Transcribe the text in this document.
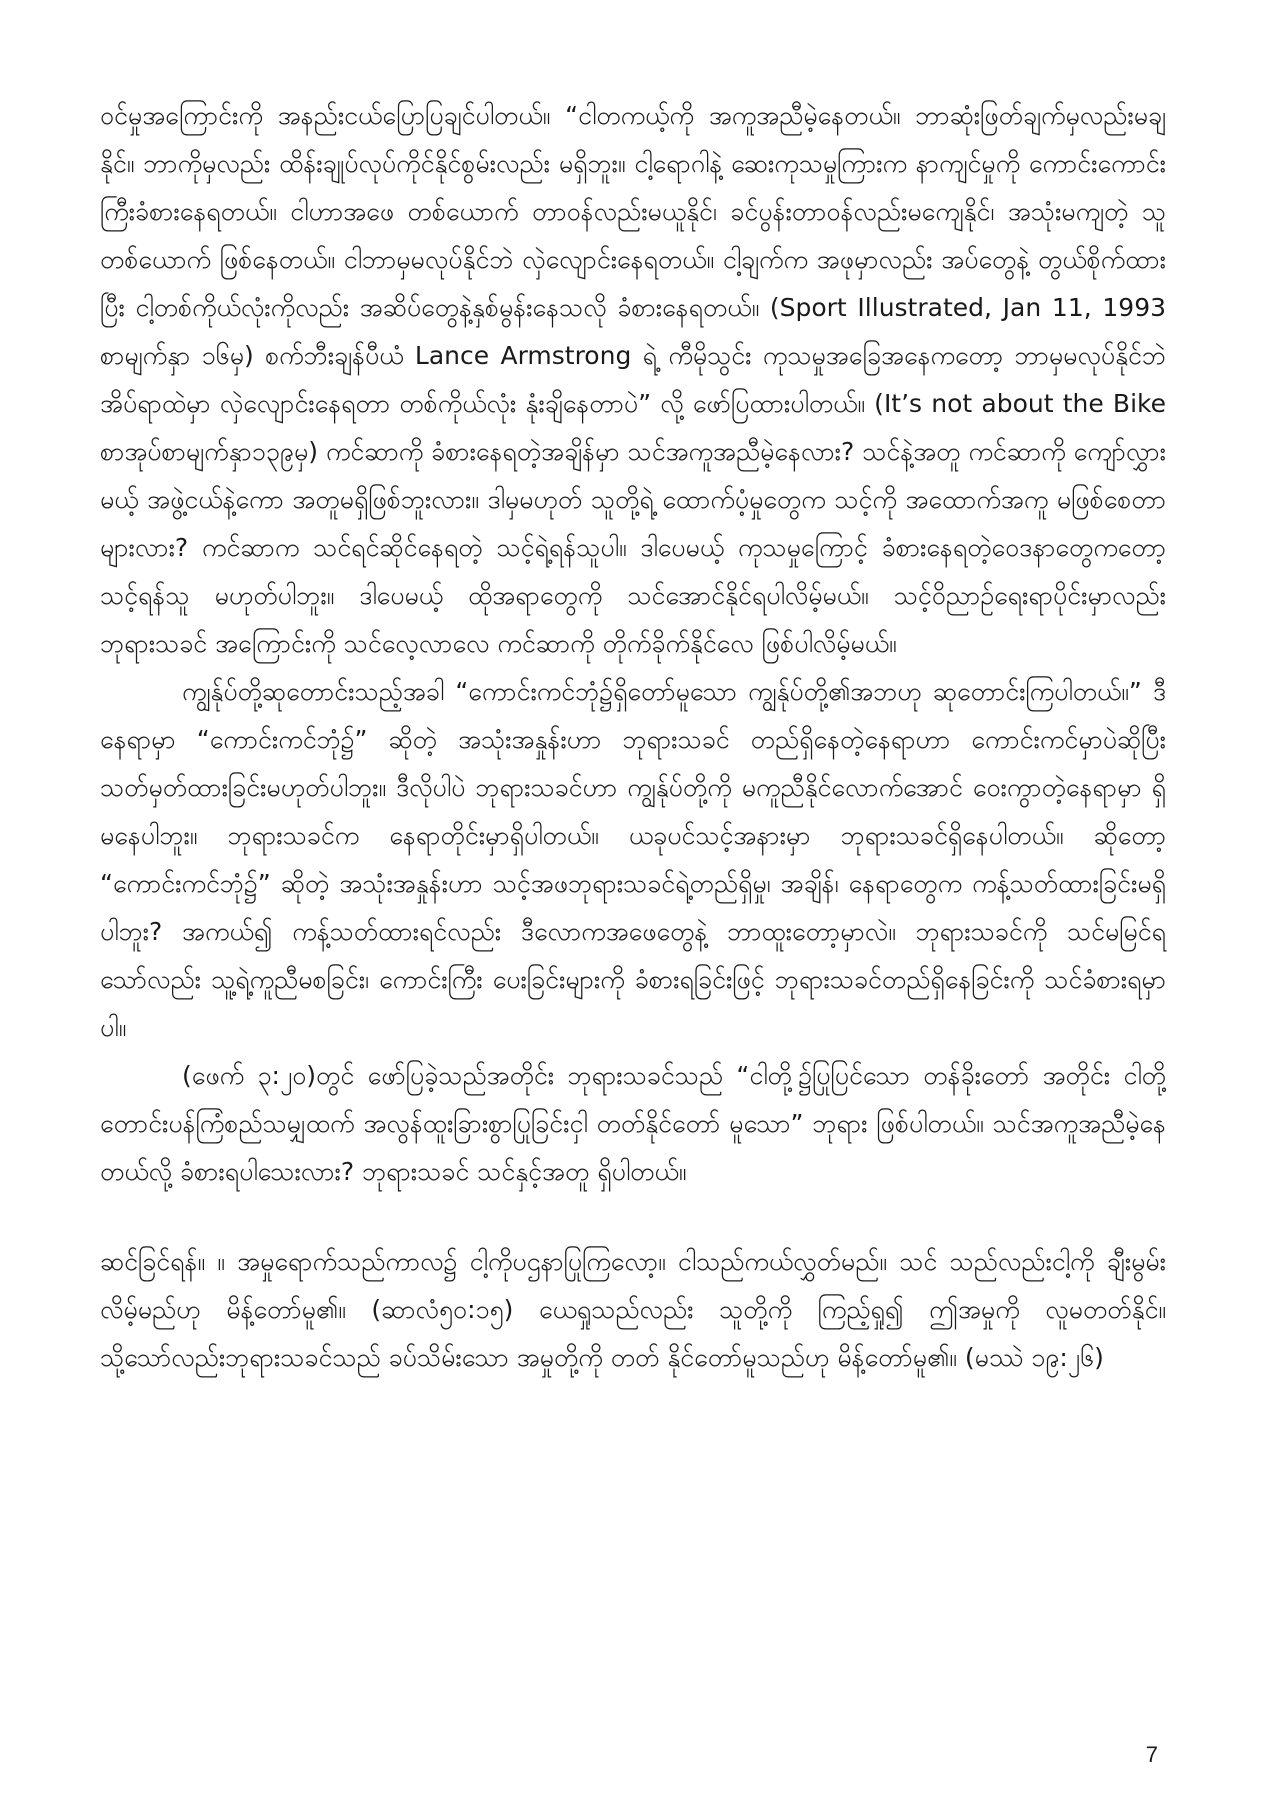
ဝင်မှုအကြောင်းကို အနည်းငယ်ပြောပြချင်ပါတယ်။ “ငါတကယ့်ကို အကူအညီမဲ့နေတယ်။ ဘာဆုံးဖြတ်ချက်မှလည်းမချနိုင်။ ဘာကိုမှလည်း ထိန်းချုပ်လုပ်ကိုင်နိုင်စွမ်းလည်း မရှိဘူး။ ငါ့ရောဂါနဲ့ ဆေးကုသမှုကြားက နာကျင်မှုကို ကောင်းကောင်းကြီးခံစားနေရတယ်။ ငါဟာအဖေ တစ်ယောက် တာဝန်လည်းမယူနိုင်၊ ခင်ပွန်းတာဝန်လည်းမကျေနိုင်၊ အသုံးမကျတဲ့ သူတစ်ယောက် ဖြစ်နေတယ်။ ငါဘာမှမလုပ်နိုင်ဘဲ လှဲလျောင်းနေရတယ်။ ငါ့ချက်က အဖုမှာလည်း အပ်တွေနဲ့ တွယ်စိုက်ထားပြီး ငါ့တစ်ကိုယ်လုံးကိုလည်း အဆိပ်တွေနဲ့နှစ်မွန်းနေသလို ခံစားနေရတယ်။ (Sport Illustrated, Jan 11, 1993 စာမျက်နှာ ၁၆မှ) စက်ဘီးချန်ပီယံ Lance Armstrong ရဲ့ ကီမိုသွင်း ကုသမှုအခြေအနေကတော့ ဘာမှမလုပ်နိုင်ဘဲ အိပ်ရာထဲမှာ လှဲလျောင်းနေရတာ တစ်ကိုယ်လုံး နုံးချိနေတာပဲ” လို့ ဖော်ပြထားပါတယ်။ (It’s not about the Bike စာအုပ်စာမျက်နှာ၁၃၉မှ) ကင်ဆာကို ခံစားနေရတဲ့အချိန်မှာ သင်အကူအညီမဲ့နေလား? သင်နဲ့အတူ ကင်ဆာကို ကျော်လွှားမယ့် အဖွဲ့ငယ်နဲ့ကော အတူမရှိဖြစ်ဘူးလား။ ဒါမှမဟုတ် သူတို့ရဲ့ ထောက်ပံ့မှုတွေက သင့်ကို အထောက်အကူ မဖြစ်စေတာများလား? ကင်ဆာက သင်ရင်ဆိုင်နေရတဲ့ သင့်ရဲ့ရန်သူပါ။ ဒါပေမယ့် ကုသမှုကြောင့် ခံစားနေရတဲ့ဝေဒနာတွေကတော့ သင့်ရန်သူ မဟုတ်ပါဘူး။ ဒါပေမယ့် ထိုအရာတွေကို သင်အောင်နိုင်ရပါလိမ့်မယ်။ သင့်ဝိညာဉ်ရေးရာပိုင်းမှာလည်း ဘုရားသခင် အကြောင်းကို သင်လေ့လာလေ ကင်ဆာကို တိုက်ခိုက်နိုင်လေ ဖြစ်ပါလိမ့်မယ်။

ကျွန်ုပ်တို့ဆုတောင်းသည့်အခါ “ကောင်းကင်ဘုံ၌ရှိတော်မူသော ကျွန်ုပ်တို့၏အဘဟု ဆုတောင်းကြပါတယ်။” ဒီနေရာမှာ “ကောင်းကင်ဘုံ၌” ဆိုတဲ့ အသုံးအနှုန်းဟာ ဘုရားသခင် တည်ရှိနေတဲ့နေရာဟာ ကောင်းကင်မှာပဲဆိုပြီး သတ်မှတ်ထားခြင်းမဟုတ်ပါဘူး။ ဒီလိုပါပဲ ဘုရားသခင်ဟာ ကျွန်ုပ်တို့ကို မကူညီနိုင်လောက်အောင် ဝေးကွာတဲ့နေရာမှာ ရှိမနေပါဘူး။ ဘုရားသခင်က နေရာတိုင်းမှာရှိပါတယ်။ ယခုပင်သင့်အနားမှာ ဘုရားသခင်ရှိနေပါတယ်။ ဆိုတော့ “ကောင်းကင်ဘုံ၌” ဆိုတဲ့ အသုံးအနှုန်းဟာ သင့်အဖဘုရားသခင်ရဲ့တည်ရှိမှု၊ အချိန်၊ နေရာတွေက ကန့်သတ်ထားခြင်းမရှိပါဘူး? အကယ်၍ ကန့်သတ်ထားရင်လည်း ဒီလောကအဖေတွေနဲ့ ဘာထူးတော့မှာလဲ။ ဘုရားသခင်ကို သင်မမြင်ရသော်လည်း သူ့ရဲ့ကူညီမစခြင်း၊ ကောင်းကြီး ပေးခြင်းများကို ခံစားရခြင်းဖြင့် ဘုရားသခင်တည်ရှိနေခြင်းကို သင်ခံစားရမှာပါ။

(ဖေက် ၃:၂၀)တွင် ဖော်ပြခဲ့သည်အတိုင်း ဘုရားသခင်သည် “ငါတို့၌ပြုပြင်သော တန်ခိုးတော် အတိုင်း ငါတို့တောင်းပန်ကြံစည်သမျှထက် အလွန်ထူးခြားစွာပြုခြင်းငှါ တတ်နိုင်တော် မူသော” ဘုရား ဖြစ်ပါတယ်။ သင်အကူအညီမဲ့နေတယ်လို့ ခံစားရပါသေးလား? ဘုရားသခင် သင်နှင့်အတူ ရှိပါတယ်။

ဆင်ခြင်ရန်။ ။ အမှုရောက်သည်ကာလ၌ ငါ့ကိုပဌနာပြုကြလော့။ ငါသည်ကယ်လွှတ်မည်။ သင် သည်လည်းငါ့ကို ချီးမွမ်းလိမ့်မည်ဟု မိန့်တော်မူ၏။ (ဆာလံ၅၀:၁၅) ယေရှုသည်လည်း သူတို့ကို ကြည့်ရှု၍ ဤအမှုကို လူမတတ်နိုင်။ သို့သော်လည်းဘုရားသခင်သည် ခပ်သိမ်းသော အမှုတို့ကို တတ် နိုင်တော်မူသည်ဟု မိန့်တော်မူ၏။ (မဿဲ ၁၉:၂၆)

7
